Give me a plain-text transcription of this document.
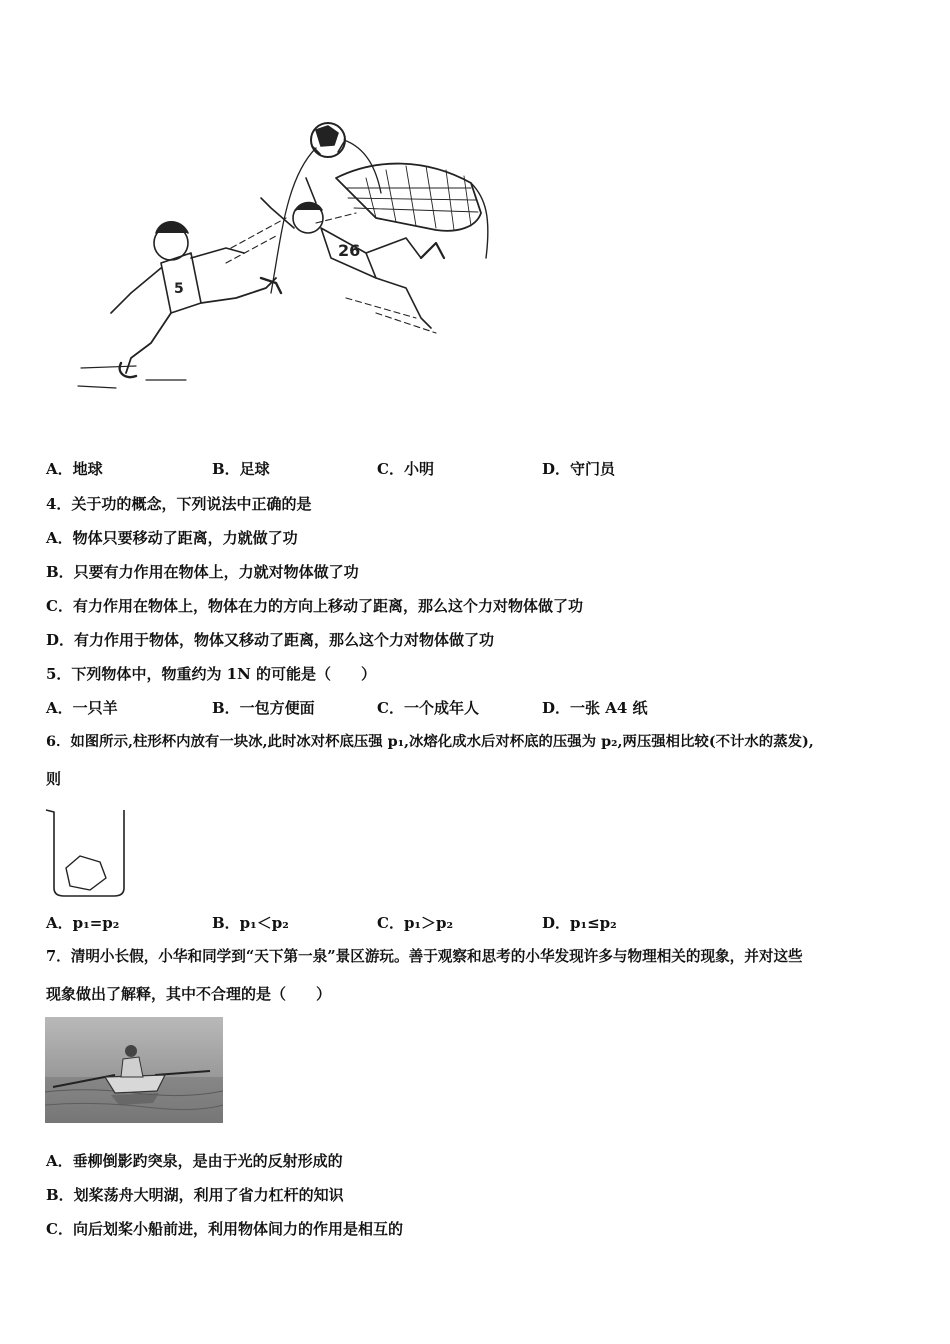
26
5
A．地球	B．足球	C．小明	D．守门员
4．关于功的概念，下列说法中正确的是
A．物体只要移动了距离，力就做了功
B．只要有力作用在物体上，力就对物体做了功
C．有力作用在物体上，物体在力的方向上移动了距离，那么这个力对物体做了功
D．有力作用于物体，物体又移动了距离，那么这个力对物体做了功
5．下列物体中，物重约为 1N 的可能是（　　）
A．一只羊	B．一包方便面	C．一个成年人	D．一张 A4 纸
6．如图所示,柱形杯内放有一块冰,此时冰对杯底压强 p₁,冰熔化成水后对杯底的压强为 p₂,两压强相比较(不计水的蒸发),
则
A．p₁=p₂	B．p₁＜p₂	C．p₁＞p₂	D．p₁≤p₂
7．清明小长假，小华和同学到“天下第一泉”景区游玩。善于观察和思考的小华发现许多与物理相关的现象，并对这些
现象做出了解释，其中不合理的是（　　）
A．垂柳倒影趵突泉，是由于光的反射形成的
B．划桨荡舟大明湖，利用了省力杠杆的知识
C．向后划桨小船前进，利用物体间力的作用是相互的
